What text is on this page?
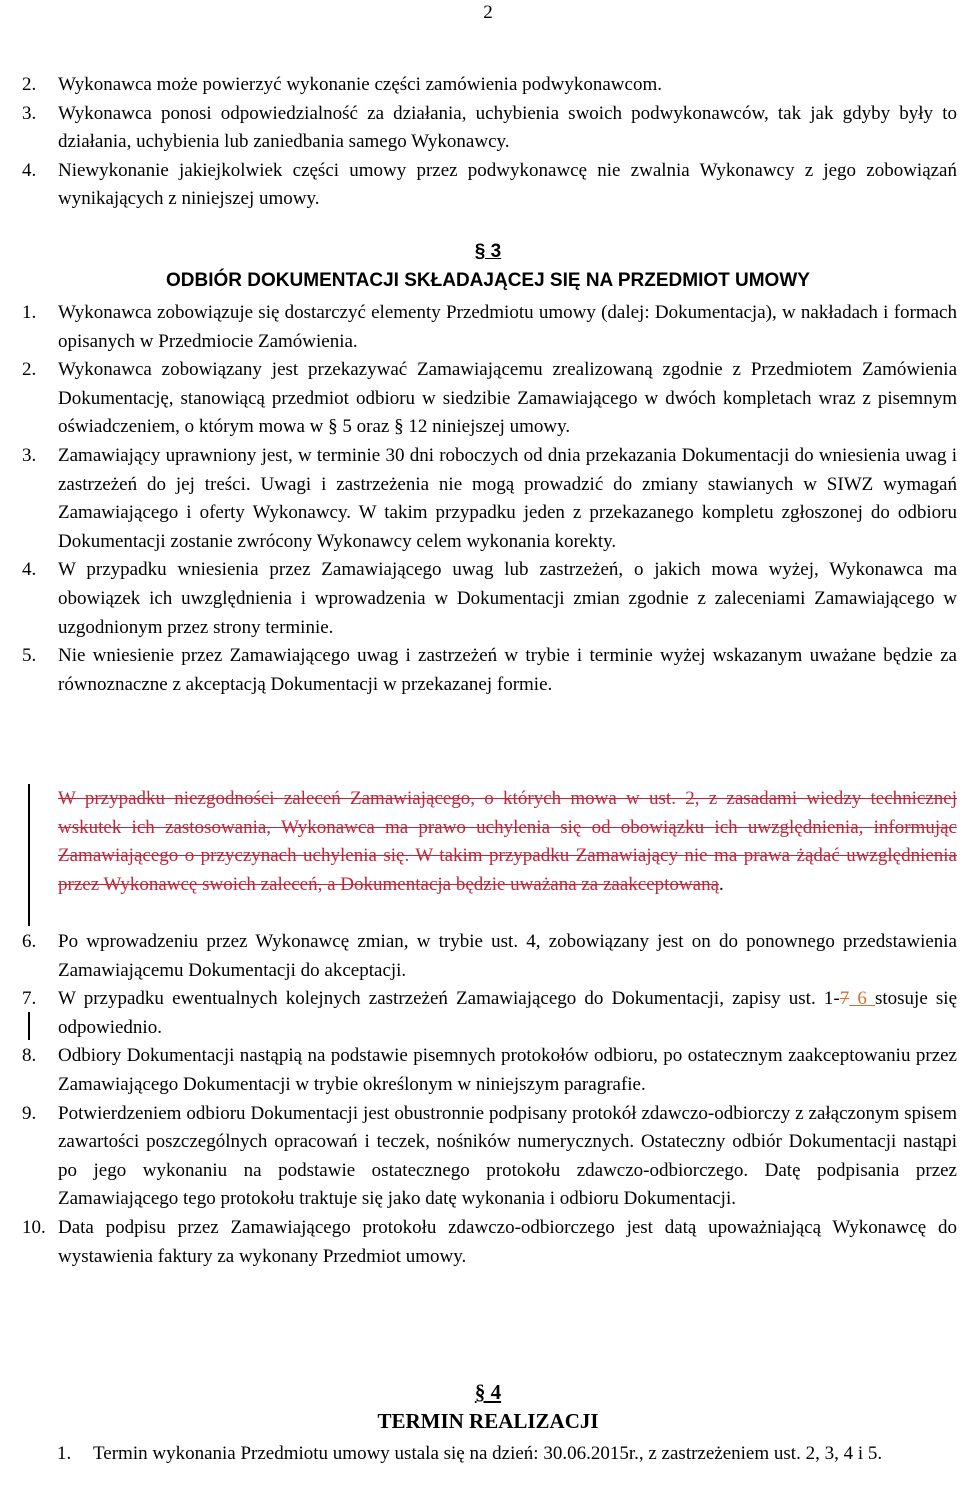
2
2.	Wykonawca może powierzyć wykonanie części zamówienia podwykonawcom.
3.	Wykonawca ponosi odpowiedzialność za działania, uchybienia swoich podwykonawców, tak jak gdyby były to działania, uchybienia lub zaniedbania samego Wykonawcy.
4.	Niewykonanie jakiejkolwiek części umowy przez podwykonawcę nie zwalnia Wykonawcy z jego zobowiązań wynikających z niniejszej umowy.
§ 3
ODBIÓR DOKUMENTACJI SKŁADAJĄCEJ SIĘ NA PRZEDMIOT UMOWY
1.	Wykonawca zobowiązuje się dostarczyć elementy Przedmiotu umowy (dalej: Dokumentacja), w nakładach i formach opisanych w Przedmiocie Zamówienia.
2.	Wykonawca zobowiązany jest przekazywać Zamawiającemu zrealizowaną zgodnie z Przedmiotem Zamówienia Dokumentację, stanowiącą przedmiot odbioru w siedzibie Zamawiającego w dwóch kompletach wraz z pisemnym oświadczeniem, o którym mowa w § 5 oraz § 12 niniejszej umowy.
3.	Zamawiający uprawniony jest, w terminie 30 dni roboczych od dnia przekazania Dokumentacji do wniesienia uwag i zastrzeżeń do jej treści. Uwagi i zastrzeżenia nie mogą prowadzić do zmiany stawianych w SIWZ wymagań Zamawiającego i oferty Wykonawcy. W takim przypadku jeden z przekazanego kompletu zgłoszonej do odbioru Dokumentacji zostanie zwrócony Wykonawcy celem wykonania korekty.
4.	W przypadku wniesienia przez Zamawiającego uwag lub zastrzeżeń, o jakich mowa wyżej, Wykonawca ma obowiązek ich uwzględnienia i wprowadzenia w Dokumentacji zmian zgodnie z zaleceniami Zamawiającego w uzgodnionym przez strony terminie.
5.	Nie wniesienie przez Zamawiającego uwag i zastrzeżeń w trybie i terminie wyżej wskazanym uważane będzie za równoznaczne z akceptacją Dokumentacji w przekazanej formie.
W przypadku niezgodności zaleceń Zamawiającego, o których mowa w ust. 2, z zasadami wiedzy technicznej wskutek ich zastosowania, Wykonawca ma prawo uchylenia się od obowiązku ich uwzględnienia, informując Zamawiającego o przyczynach uchylenia się. W takim przypadku Zamawiający nie ma prawa żądać uwzględnienia przez Wykonawcę swoich zaleceń, a Dokumentacja będzie uważana za zaakceptowaną.
6.	Po wprowadzeniu przez Wykonawcę zmian, w trybie ust. 4, zobowiązany jest on do ponownego przedstawienia Zamawiającemu Dokumentacji do akceptacji.
7.	W przypadku ewentualnych kolejnych zastrzeżeń Zamawiającego do Dokumentacji, zapisy ust. 1-7 6 stosuje się odpowiednio.
8.	Odbiory Dokumentacji nastąpią na podstawie pisemnych protokołów odbioru, po ostatecznym zaakceptowaniu przez Zamawiającego Dokumentacji w trybie określonym w niniejszym paragrafie.
9.	Potwierdzeniem odbioru Dokumentacji jest obustronnie podpisany protokół zdawczo-odbiorczy z załączonym spisem zawartości poszczególnych opracowań i teczek, nośników numerycznych. Ostateczny odbiór Dokumentacji nastąpi po jego wykonaniu na podstawie ostatecznego protokołu zdawczo-odbiorczego. Datę podpisania przez Zamawiającego tego protokołu traktuje się jako datę wykonania i odbioru Dokumentacji.
10. Data podpisu przez Zamawiającego protokołu zdawczo-odbiorczego jest datą upoważniającą Wykonawcę do wystawienia faktury za wykonany Przedmiot umowy.
§ 4
TERMIN REALIZACJI
1.	Termin wykonania Przedmiotu umowy ustala się na dzień: 30.06.2015r., z zastrzeżeniem ust. 2, 3, 4 i 5.
